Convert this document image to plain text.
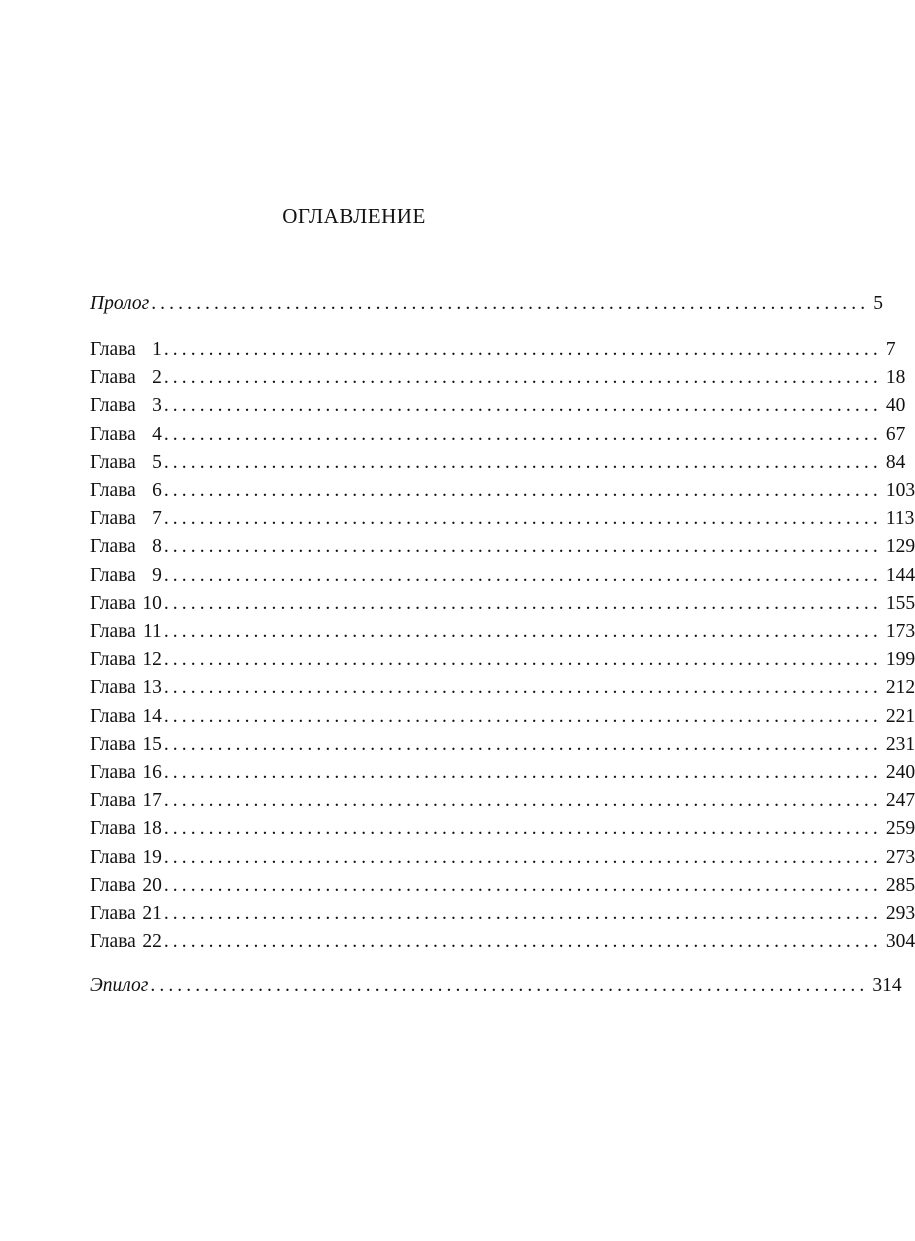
ОГЛАВЛЕНИЕ
Пролог ................................................................................ 5
Глава 1 ................................................................................ 7
Глава 2 ................................................................................ 18
Глава 3 ................................................................................ 40
Глава 4 ................................................................................ 67
Глава 5 ................................................................................ 84
Глава 6 ................................................................................ 103
Глава 7 ................................................................................ 113
Глава 8 ................................................................................ 129
Глава 9 ................................................................................ 144
Глава 10 ................................................................................ 155
Глава 11 ................................................................................ 173
Глава 12 ................................................................................ 199
Глава 13 ................................................................................ 212
Глава 14 ................................................................................ 221
Глава 15 ................................................................................ 231
Глава 16 ................................................................................ 240
Глава 17 ................................................................................ 247
Глава 18 ................................................................................ 259
Глава 19 ................................................................................ 273
Глава 20 ................................................................................ 285
Глава 21 ................................................................................ 293
Глава 22 ................................................................................ 304
Эпилог ................................................................................ 314
